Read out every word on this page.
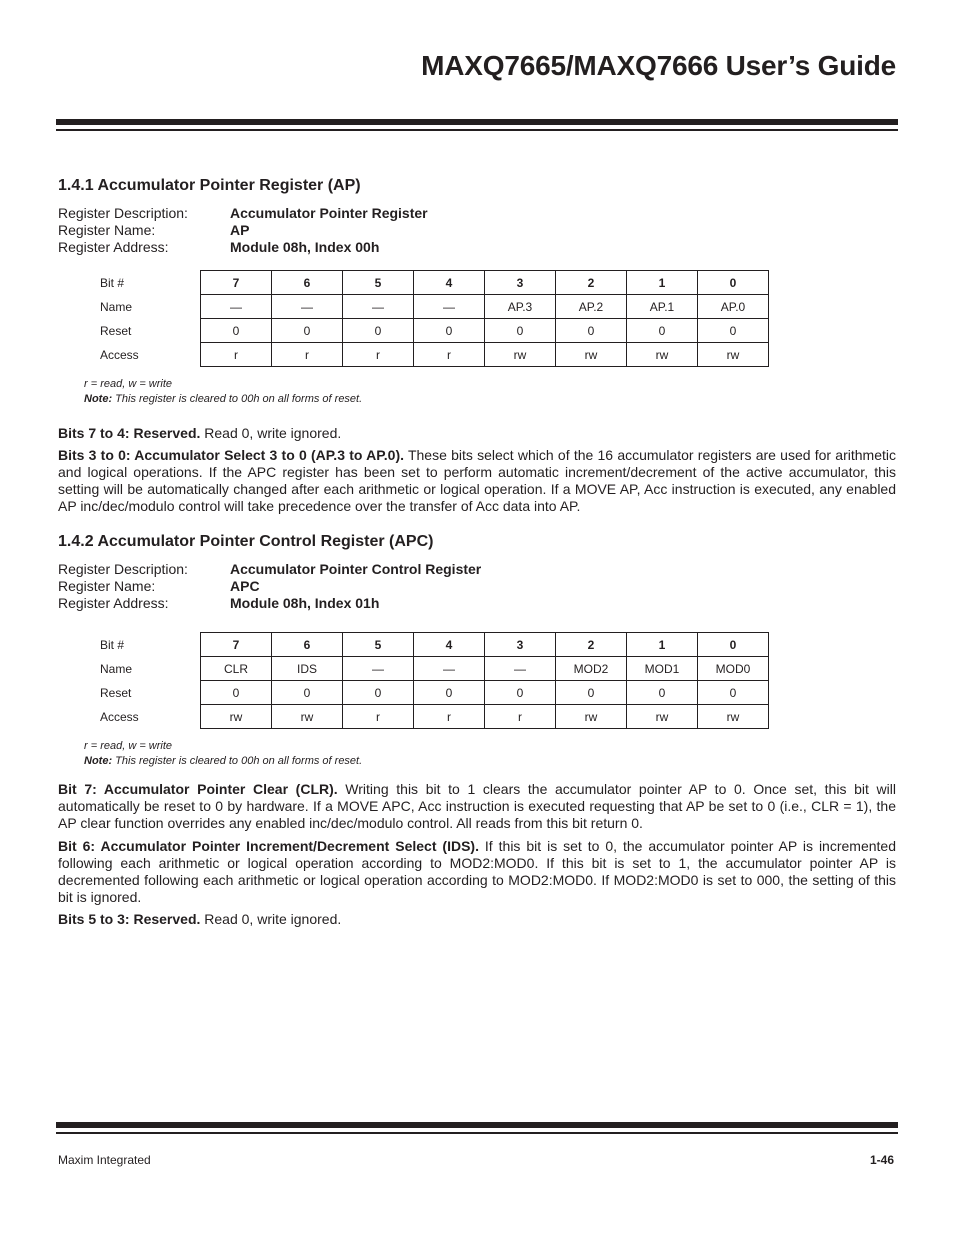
MAXQ7665/MAXQ7666 User’s Guide
1.4.1 Accumulator Pointer Register (AP)
Register Description:	Accumulator Pointer Register
Register Name:	AP
Register Address:	Module 08h, Index 00h
Bit #	7	6	5	4	3	2	1	0
Name	—	—	—	—	AP.3	AP.2	AP.1	AP.0
Reset	0	0	0	0	0	0	0	0
Access	r	r	r	r	rw	rw	rw	rw
r = read, w = write
Note: This register is cleared to 00h on all forms of reset.
Bits 7 to 4: Reserved. Read 0, write ignored.
Bits 3 to 0: Accumulator Select 3 to 0 (AP.3 to AP.0). These bits select which of the 16 accumulator registers are used for arithmetic and logical operations. If the APC register has been set to perform automatic increment/decrement of the active accumulator, this setting will be automatically changed after each arithmetic or logical operation. If a MOVE AP, Acc instruction is executed, any enabled AP inc/dec/modulo control will take precedence over the transfer of Acc data into AP.
1.4.2 Accumulator Pointer Control Register (APC)
Register Description:	Accumulator Pointer Control Register
Register Name:	APC
Register Address:	Module 08h, Index 01h
Bit #	7	6	5	4	3	2	1	0
Name	CLR	IDS	—	—	—	MOD2	MOD1	MOD0
Reset	0	0	0	0	0	0	0	0
Access	rw	rw	r	r	r	rw	rw	rw
r = read, w = write
Note: This register is cleared to 00h on all forms of reset.
Bit 7: Accumulator Pointer Clear (CLR). Writing this bit to 1 clears the accumulator pointer AP to 0. Once set, this bit will automatically be reset to 0 by hardware. If a MOVE APC, Acc instruction is executed requesting that AP be set to 0 (i.e., CLR = 1), the AP clear function overrides any enabled inc/dec/modulo control. All reads from this bit return 0.
Bit 6: Accumulator Pointer Increment/Decrement Select (IDS). If this bit is set to 0, the accumulator pointer AP is incremented following each arithmetic or logical operation according to MOD2:MOD0. If this bit is set to 1, the accumulator pointer AP is decremented following each arithmetic or logical operation according to MOD2:MOD0. If MOD2:MOD0 is set to 000, the setting of this bit is ignored.
Bits 5 to 3: Reserved. Read 0, write ignored.
Maxim Integrated	1-46
